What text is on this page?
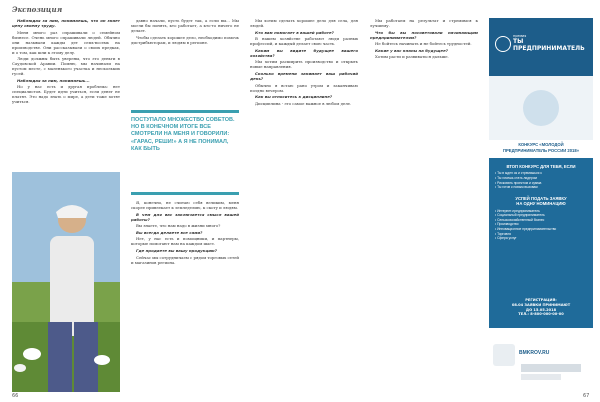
Экспозиция
66	67

Наблюдая за ним, понимаешь, что он знает цену своему труду.

Меня много раз спрашивали о семейном бизнесе. Очень много спрашивали людей. Обычно они называли кажды дет семь-восемь на производстве. Они рассказывали о своих предках, и о том, как шли к этому делу.

Люди должны быть уверены, что это деньги в Саудовской Аравии. Помню, мы начинали на пустом месте, с маленького участка и нескольких гусей.

Наблюдая за ним, понимаешь...

Но у нас есть и другая проблема: нет специалистов. Будет идти учиться, если денег не платят. Это надо знать о мире, а дети тоже хотят учиться.

давно начали, пусть будет так, а если вы... Мы могли бы понять, кто работает, а кто-то ничего не делает.

Чтобы сделать хорошее дело, необходимо помочь дистрибьюторам, и людям в регионе.

ПОСТУПАЛО МНОЖЕСТВО СОВЕТОВ. НО В КОНЕЧНОМ ИТОГЕ ВСЕ СМОТРЕЛИ НА МЕНЯ И ГОВОРИЛИ: «ГАРАС, РЕШИ!» А Я НЕ ПОНИМАЛ, КАК БЫТЬ

Я, конечно, не считаю себя великим, меня скорее привлекает к земледелию, к скоту и людям.

В чем для вас заключается смысл вашей работы?

Вы знаете, что нам надо в жизни много?

Вы всегда делаете все сами?

Нет, у нас есть и помощники, и партнеры, которые помогают нам на каждом шаге.

Где продаете вы вашу продукцию?

Сейчас мы сотрудничаем с рядом торговых сетей и магазинов региона.

Мы хотим сделать хорошее дело для села, для людей.

Кто вам помогает в вашей работе?

В нашем хозяйстве работают люди разных профессий, и каждый делает свою часть.

Каким вы видите будущее вашего хозяйства?

Мы хотим расширить производство и открыть новые направления.

Сколько времени занимает ваш рабочий день?

Обычно я встаю рано утром и заканчиваю поздно вечером.

Как вы относитесь к дисциплине?

Дисциплина - это самое важное в любом деле.

Мы работаем на результат и стремимся к лучшему.

Что бы вы посоветовали начинающим предпринимателям?

Не бойтесь начинать и не бойтесь трудностей.

Какие у вас планы на будущее?

Хотим расти и развиваться дальше.

премия
ТЫ ПРЕДПРИНИМАТЕЛЬ
КОНКУРС «МОЛОДОЙ
ПРЕДПРИНИМАТЕЛЬ РОССИИ 2018»
ВТОП КОНКУРС ДЛЯ ТЕБЯ, ЕСЛИ
• Ты в ыдел ок и стремишься к
• Ты хочешь стать лидером
• Рисковать проектом и сумма
• Ты готов к новым вызовам
УСПЕЙ ПОДАТЬ ЗАЯВКУ
НА ОДНУ НОМИНАЦИЮ
• Интернет-предприниматель
• Социальный предприниматель
• Сельскохозяйственный бизнес
• Производство
• Инновационное предпринимательство
• Торговля
• Сфера услуг
РЕГИСТРАЦИЯ:
08.04 ЗАЯВКИ ПРИНИМАЮТ
ДО 15.05.2018
ТЕЛ.: 8-800-000-00-00
BMKROV.RU
